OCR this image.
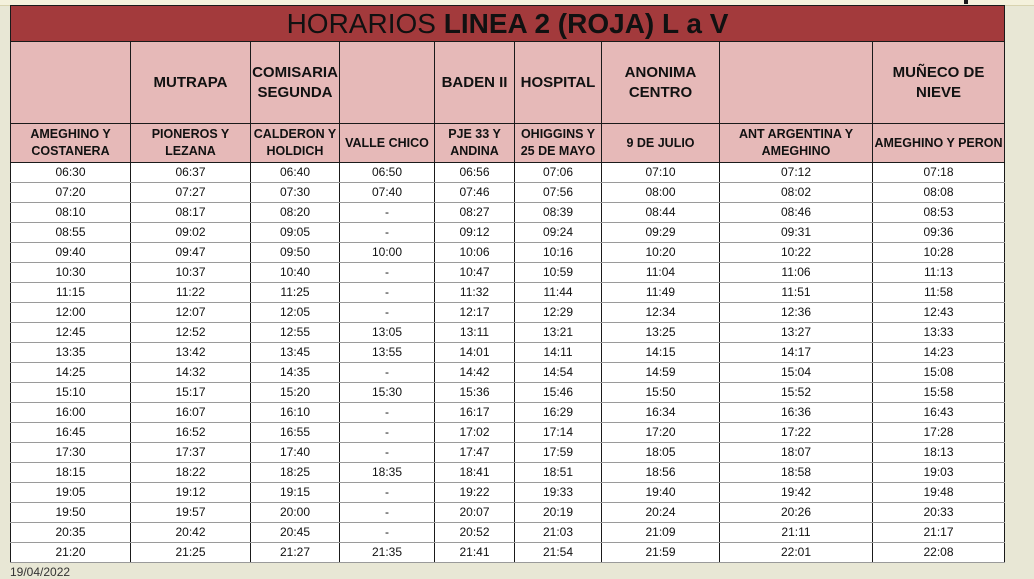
HORARIOS LINEA 2 (ROJA) L a V								
	MUTRAPA	COMISARIA SEGUNDA		BADEN II	HOSPITAL	ANONIMA CENTRO		MUÑECO DE NIEVE
AMEGHINO Y COSTANERA	PIONEROS Y LEZANA	CALDERON Y HOLDICH	VALLE CHICO	PJE 33 Y ANDINA	OHIGGINS Y 25 DE MAYO	9 DE JULIO	ANT ARGENTINA Y AMEGHINO	AMEGHINO Y PERON
06:30	06:37	06:40	06:50	06:56	07:06	07:10	07:12	07:18
07:20	07:27	07:30	07:40	07:46	07:56	08:00	08:02	08:08
08:10	08:17	08:20	-	08:27	08:39	08:44	08:46	08:53
08:55	09:02	09:05	-	09:12	09:24	09:29	09:31	09:36
09:40	09:47	09:50	10:00	10:06	10:16	10:20	10:22	10:28
10:30	10:37	10:40	-	10:47	10:59	11:04	11:06	11:13
11:15	11:22	11:25	-	11:32	11:44	11:49	11:51	11:58
12:00	12:07	12:05	-	12:17	12:29	12:34	12:36	12:43
12:45	12:52	12:55	13:05	13:11	13:21	13:25	13:27	13:33
13:35	13:42	13:45	13:55	14:01	14:11	14:15	14:17	14:23
14:25	14:32	14:35	-	14:42	14:54	14:59	15:04	15:08
15:10	15:17	15:20	15:30	15:36	15:46	15:50	15:52	15:58
16:00	16:07	16:10	-	16:17	16:29	16:34	16:36	16:43
16:45	16:52	16:55	-	17:02	17:14	17:20	17:22	17:28
17:30	17:37	17:40	-	17:47	17:59	18:05	18:07	18:13
18:15	18:22	18:25	18:35	18:41	18:51	18:56	18:58	19:03
19:05	19:12	19:15	-	19:22	19:33	19:40	19:42	19:48
19:50	19:57	20:00	-	20:07	20:19	20:24	20:26	20:33
20:35	20:42	20:45	-	20:52	21:03	21:09	21:11	21:17
21:20	21:25	21:27	21:35	21:41	21:54	21:59	22:01	22:08
19/04/2022
